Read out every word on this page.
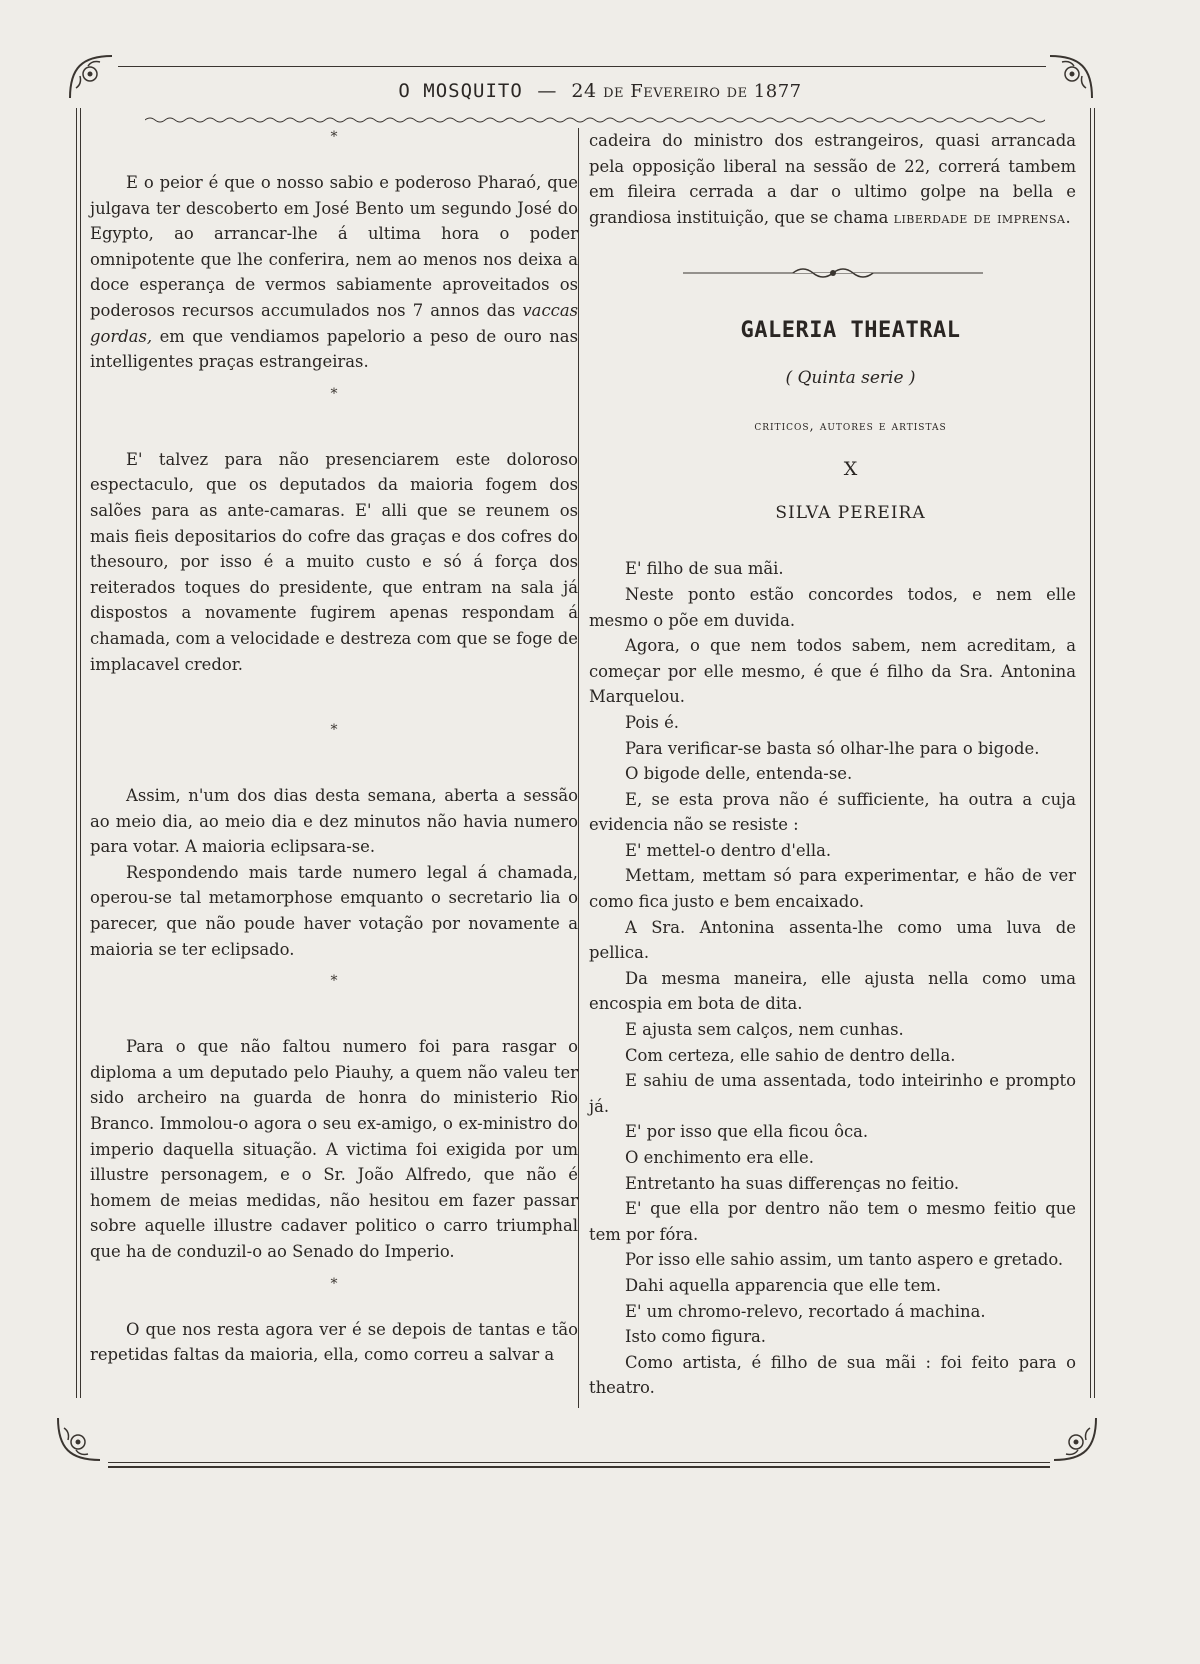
O MOSQUITO — 24 de Fevereiro de 1877
*

E o peior é que o nosso sabio e poderoso Pharaó, que julgava ter descoberto em José Bento um segundo José do Egypto, ao arrancar-lhe á ultima hora o poder omnipotente que lhe conferira, nem ao menos nos deixa a doce esperança de vermos sabiamente aproveitados os poderosos recursos accumulados nos 7 annos das vaccas gordas, em que vendiamos papelorio a peso de ouro nas intelligentes praças estrangeiras.

*

E' talvez para não presenciarem este doloroso espectaculo, que os deputados da maioria fogem dos salões para as ante-camaras. E' alli que se reunem os mais fieis depositarios do cofre das graças e dos cofres do thesouro, por isso é a muito custo e só á força dos reiterados toques do presidente, que entram na sala já dispostos a novamente fugirem apenas respondam á chamada, com a velocidade e destreza com que se foge de implacavel credor.

*

Assim, n'um dos dias desta semana, aberta a sessão ao meio dia, ao meio dia e dez minutos não havia numero para votar. A maioria eclipsara-se.

Respondendo mais tarde numero legal á chamada, operou-se tal metamorphose emquanto o secretario lia o parecer, que não poude haver votação por novamente a maioria se ter eclipsado.

*

Para o que não faltou numero foi para rasgar o diploma a um deputado pelo Piauhy, a quem não valeu ter sido archeiro na guarda de honra do ministerio Rio Branco. Immolou-o agora o seu ex-amigo, o ex-ministro do imperio daquella situação. A victima foi exigida por um illustre personagem, e o Sr. João Alfredo, que não é homem de meias medidas, não hesitou em fazer passar sobre aquelle illustre cadaver politico o carro triumphal que ha de conduzil-o ao Senado do Imperio.

*

O que nos resta agora ver é se depois de tantas e tão repetidas faltas da maioria, ella, como correu a salvar a

cadeira do ministro dos estrangeiros, quasi arrancada pela opposição liberal na sessão de 22, correrá tambem em fileira cerrada a dar o ultimo golpe na bella e grandiosa instituição, que se chama liberdade de imprensa.

GALERIA THEATRAL

( Quinta serie )

criticos, autores e artistas

X

SILVA PEREIRA

E' filho de sua mãi.

Neste ponto estão concordes todos, e nem elle mesmo o põe em duvida.

Agora, o que nem todos sabem, nem acreditam, a começar por elle mesmo, é que é filho da Sra. Antonina Marquelou.

Pois é.

Para verificar-se basta só olhar-lhe para o bigode.

O bigode delle, entenda-se.

E, se esta prova não é sufficiente, ha outra a cuja evidencia não se resiste :

E' mettel-o dentro d'ella.

Mettam, mettam só para experimentar, e hão de ver como fica justo e bem encaixado.

A Sra. Antonina assenta-lhe como uma luva de pellica.

Da mesma maneira, elle ajusta nella como uma encospia em bota de dita.

E ajusta sem calços, nem cunhas.

Com certeza, elle sahio de dentro della.

E sahiu de uma assentada, todo inteirinho e prompto já.

E' por isso que ella ficou ôca.

O enchimento era elle.

Entretanto ha suas differenças no feitio.

E' que ella por dentro não tem o mesmo feitio que tem por fóra.

Por isso elle sahio assim, um tanto aspero e gretado.

Dahi aquella apparencia que elle tem.

E' um chromo-relevo, recortado á machina.

Isto como figura.

Como artista, é filho de sua mãi : foi feito para o theatro.
